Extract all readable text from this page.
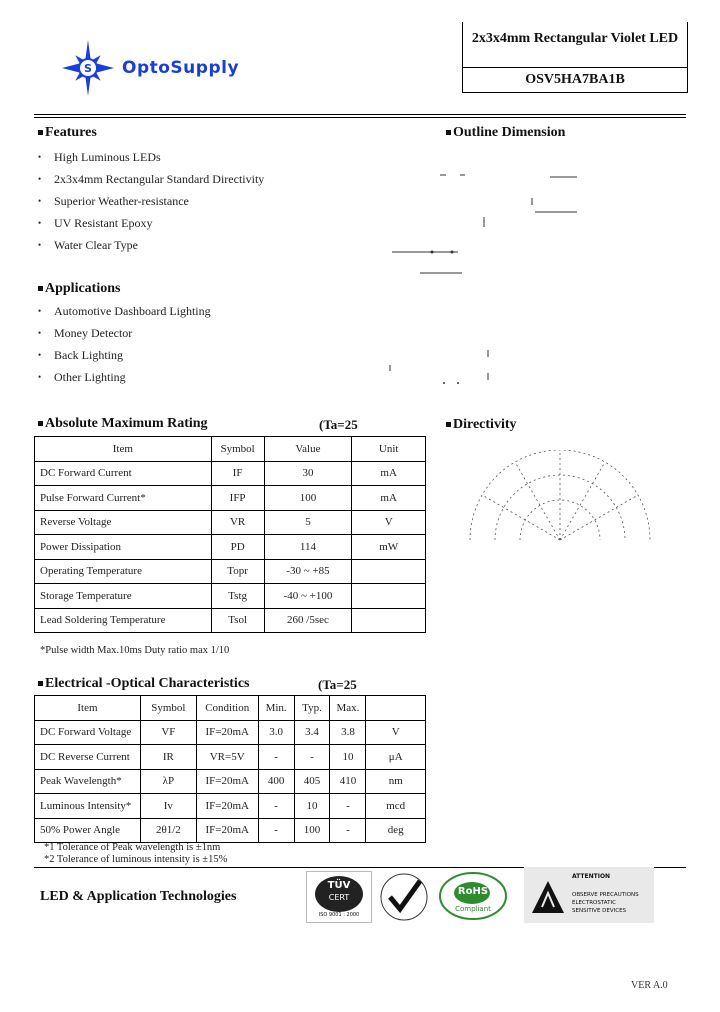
S OptoSupply
2x3x4mm Rectangular Violet LED
OSV5HA7BA1B
Features
• High Luminous LEDs
• 2x3x4mm Rectangular Standard Directivity
• Superior Weather-resistance
• UV Resistant Epoxy
• Water Clear Type
Applications
• Automotive Dashboard Lighting
• Money Detector
• Back Lighting
• Other Lighting
Outline Dimension
Directivity
Absolute Maximum Rating	(Ta=25
Item	Symbol	Value	Unit
DC Forward Current	IF	30	mA
Pulse Forward Current*	IFP	100	mA
Reverse Voltage	VR	5	V
Power Dissipation	PD	114	mW
Operating Temperature	Topr	-30 ~ +85	
Storage Temperature	Tstg	-40 ~ +100	
Lead Soldering Temperature	Tsol	260 /5sec	
*Pulse width Max.10ms Duty ratio max 1/10
Electrical -Optical Characteristics	(Ta=25
Item	Symbol	Condition	Min.	Typ.	Max.	
DC Forward Voltage	VF	IF=20mA	3.0	3.4	3.8	V
DC Reverse Current	IR	VR=5V	-	-	10	μA
Peak Wavelength*	λP	IF=20mA	400	405	410	nm
Luminous Intensity*	Iv	IF=20mA	-	10	-	mcd
50% Power Angle	2θ1/2	IF=20mA	-	100	-	deg
*1 Tolerance of Peak wavelength is ±1nm
*2 Tolerance of luminous intensity is ±15%
LED & Application Technologies
TÜV
CERT
ISO 9001 : 2000
RoHS
Compliant
ATTENTION
OBSERVE PRECAUTIONS
ELECTROSTATIC
SENSITIVE DEVICES
VER A.0
